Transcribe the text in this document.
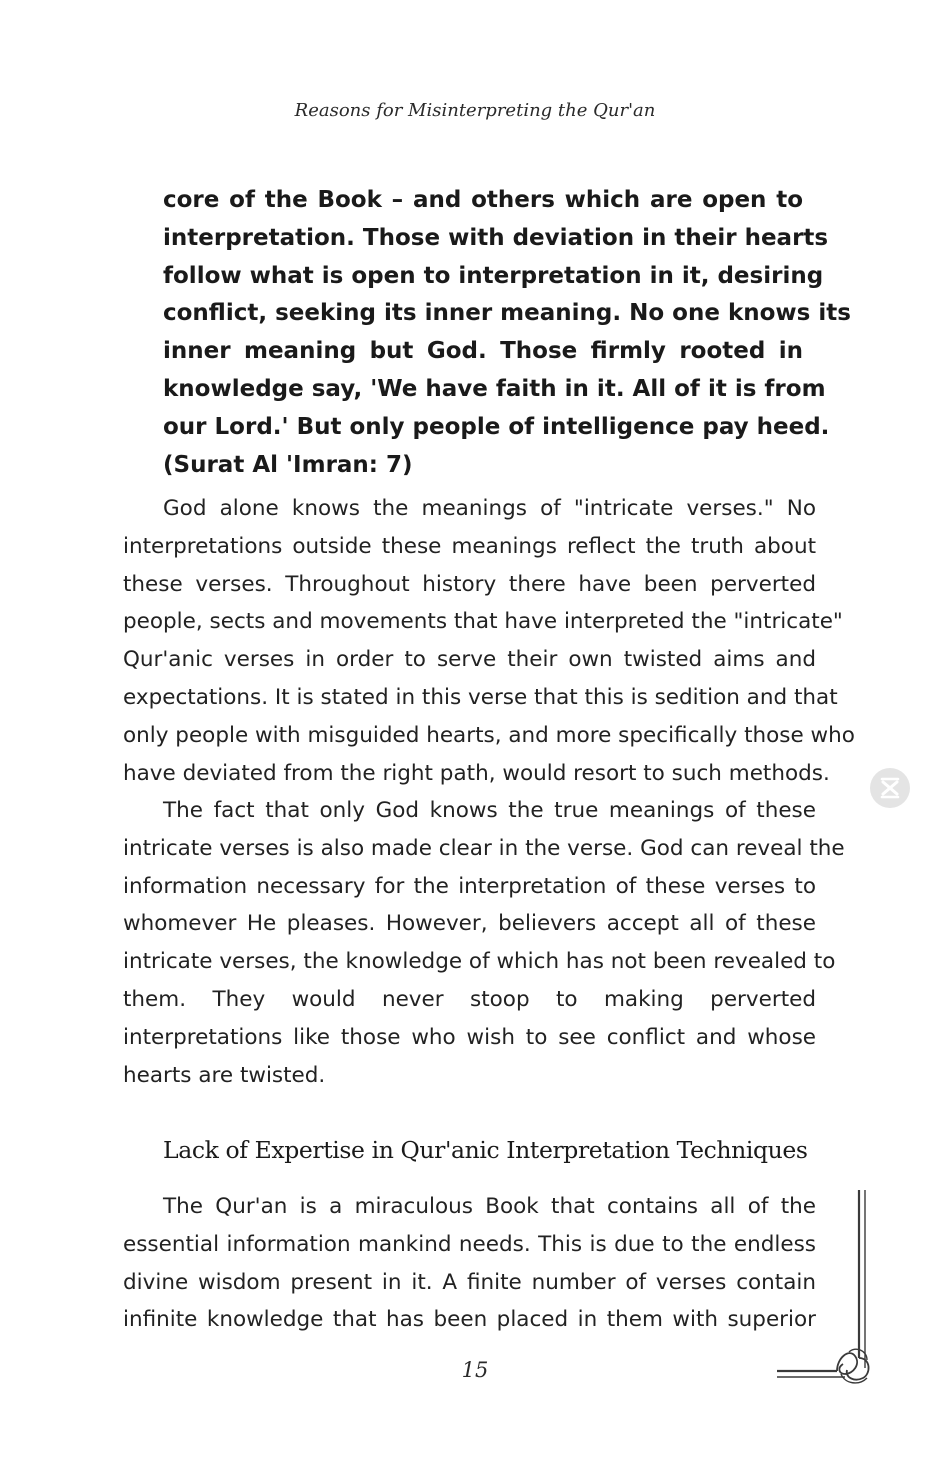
Reasons for Misinterpreting the Qur'an
core of the Book – and others which are open to
interpretation. Those with deviation in their hearts
follow what is open to interpretation in it, desiring
conflict, seeking its inner meaning. No one knows its
inner meaning but God. Those firmly rooted in
knowledge say, 'We have faith in it. All of it is from
our Lord.' But only people of intelligence pay heed.
(Surat Al 'Imran: 7)
God alone knows the meanings of "intricate verses." No
interpretations outside these meanings reflect the truth about
these verses. Throughout history there have been perverted
people, sects and movements that have interpreted the "intricate"
Qur'anic verses in order to serve their own twisted aims and
expectations. It is stated in this verse that this is sedition and that
only people with misguided hearts, and more specifically those who
have deviated from the right path, would resort to such methods.
The fact that only God knows the true meanings of these
intricate verses is also made clear in the verse. God can reveal the
information necessary for the interpretation of these verses to
whomever He pleases. However, believers accept all of these
intricate verses, the knowledge of which has not been revealed to
them. They would never stoop to making perverted
interpretations like those who wish to see conflict and whose
hearts are twisted.
Lack of Expertise in Qur'anic Interpretation Techniques
The Qur'an is a miraculous Book that contains all of the
essential information mankind needs. This is due to the endless
divine wisdom present in it. A finite number of verses contain
infinite knowledge that has been placed in them with superior
15
